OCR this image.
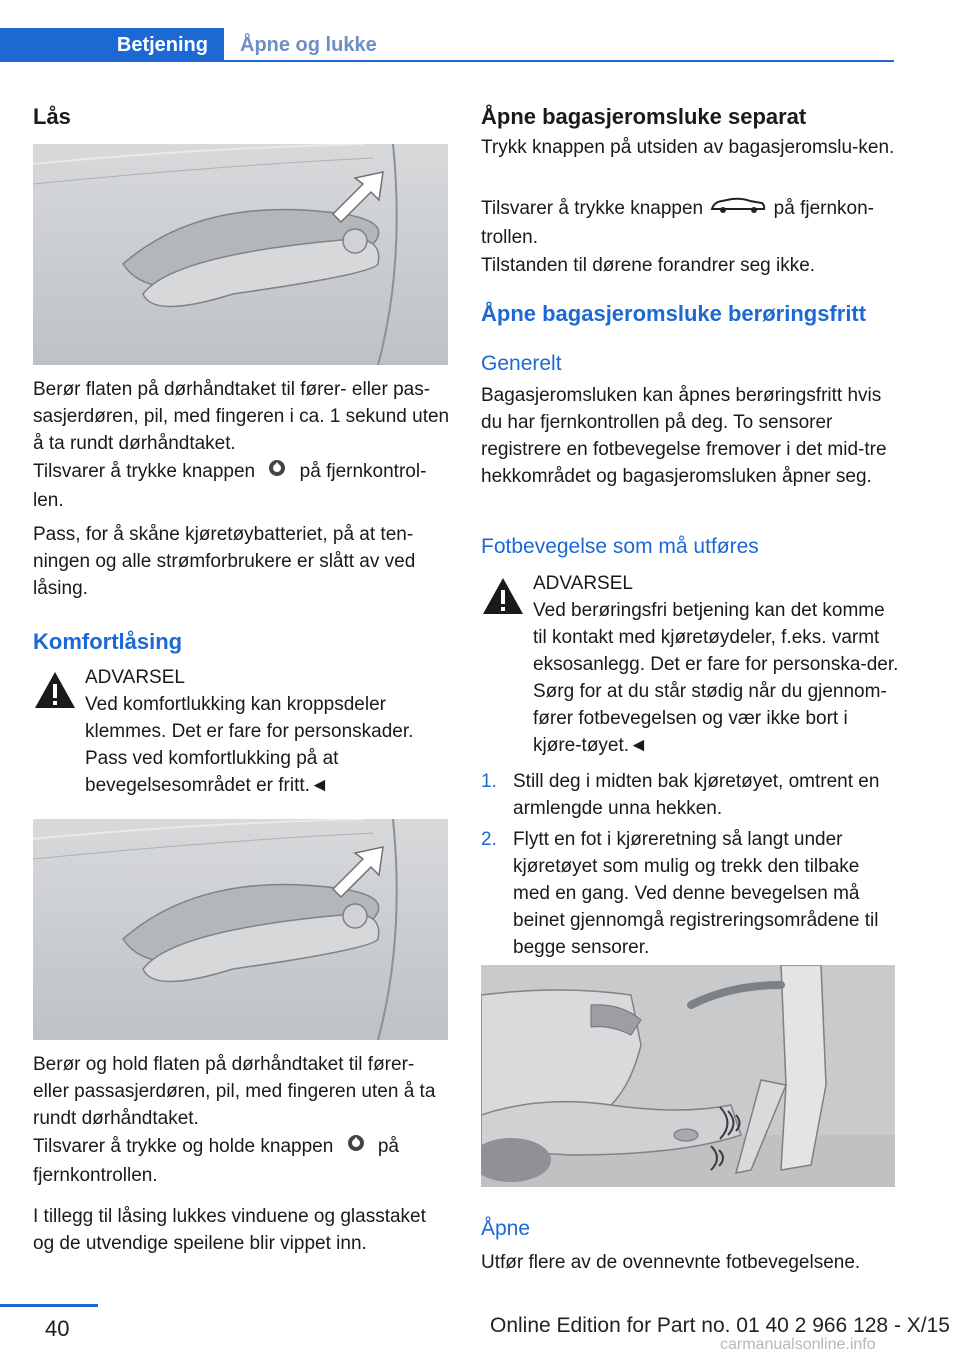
Betjening	Åpne og lukke
Lås

Berør flaten på dørhåndtaket til fører- eller pas-sasjerdøren, pil, med fingeren i ca. 1 sekund uten å ta rundt dørhåndtaket.

Tilsvarer å trykke knappen på fjernkontrol-len.

Pass, for å skåne kjøretøybatteriet, på at ten-ningen og alle strømforbrukere er slått av ved låsing.

Komfortlåsing
ADVARSEL
Ved komfortlukking kan kroppsdeler klemmes. Det er fare for personskader. Pass ved komfortlukking på at bevegelsesområdet er fritt.◄

Berør og hold flaten på dørhåndtaket til fører- eller passasjerdøren, pil, med fingeren uten å ta rundt dørhåndtaket.

Tilsvarer å trykke og holde knappen på fjernkontrollen.

I tillegg til låsing lukkes vinduene og glasstaket og de utvendige speilene blir vippet inn.

Åpne bagasjeromsluke separat

Trykk knappen på utsiden av bagasjeromslu-ken.

Tilsvarer å trykke knappen	på fjernkon-trollen.

Tilstanden til dørene forandrer seg ikke.

Åpne bagasjeromsluke berøringsfritt
Generelt

Bagasjeromsluken kan åpnes berøringsfritt hvis du har fjernkontrollen på deg. To sensorer registrere en fotbevegelse fremover i det mid-tre hekkområdet og bagasjeromsluken åpner seg.

Fotbevegelse som må utføres
ADVARSEL
Ved berøringsfri betjening kan det komme til kontakt med kjøretøydeler, f.eks. varmt eksosanlegg. Det er fare for personska-der. Sørg for at du står stødig når du gjennom-fører fotbevegelsen og vær ikke bort i kjøre-tøyet.◄
1. Still deg i midten bak kjøretøyet, omtrent en armlengde unna hekken.
2. Flytt en fot i kjøreretning så langt under kjøretøyet som mulig og trekk den tilbake med en gang. Ved denne bevegelsen må beinet gjennomgå registreringsområdene til begge sensorer.
Åpne

Utfør flere av de ovennevnte fotbevegelsene.

40	Online Edition for Part no. 01 40 2 966 128 - X/15
carmanualsonline.info
